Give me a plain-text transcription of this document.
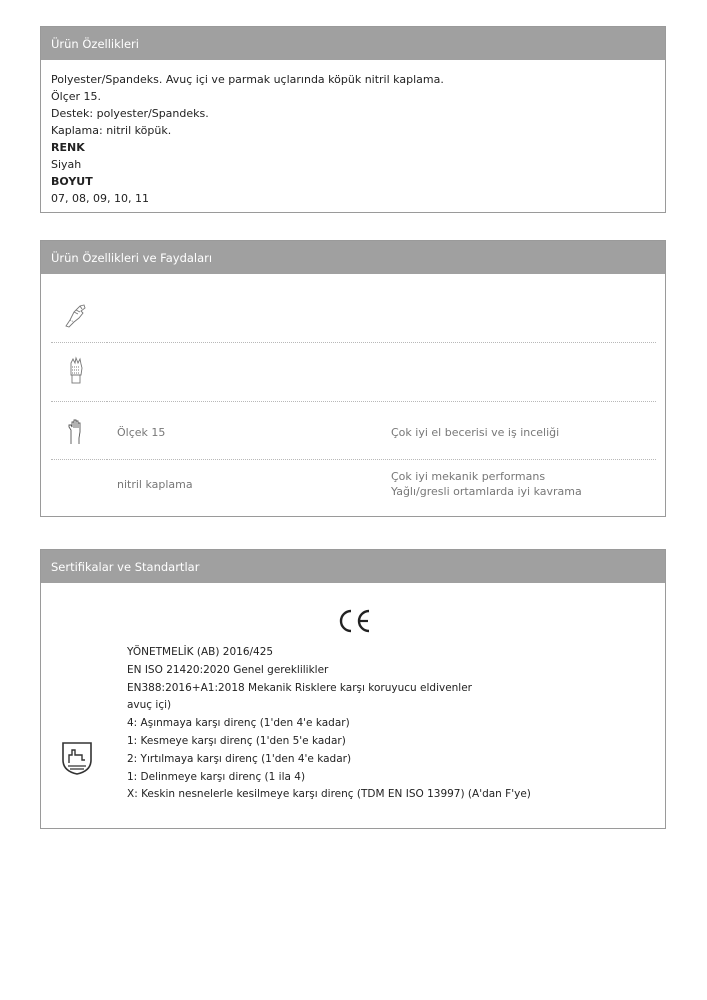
Ürün Özellikleri
Polyester/Spandeks. Avuç içi ve parmak uçlarında köpük nitril kaplama.
Ölçer 15.
Destek: polyester/Spandeks.
Kaplama: nitril köpük.
RENK
Siyah
BOYUT
07, 08, 09, 10, 11
Ürün Özellikleri ve Faydaları
Ölçek 15	Çok iyi el becerisi ve iş inceliği
nitril kaplama
Çok iyi mekanik performans
Yağlı/gresli ortamlarda iyi kavrama
Sertifikalar ve Standartlar
YÖNETMELİK (AB) 2016/425
EN ISO 21420:2020 Genel gereklilikler
EN388:2016+A1:2018 Mekanik Risklere karşı koruyucu eldivenler
avuç içi)
4: Aşınmaya karşı direnç (1'den 4'e kadar)
1: Kesmeye karşı direnç (1'den 5'e kadar)
2: Yırtılmaya karşı direnç (1'den 4'e kadar)
1: Delinmeye karşı direnç (1 ila 4)
X: Keskin nesnelerle kesilmeye karşı direnç (TDM EN ISO 13997) (A'dan F'ye)
